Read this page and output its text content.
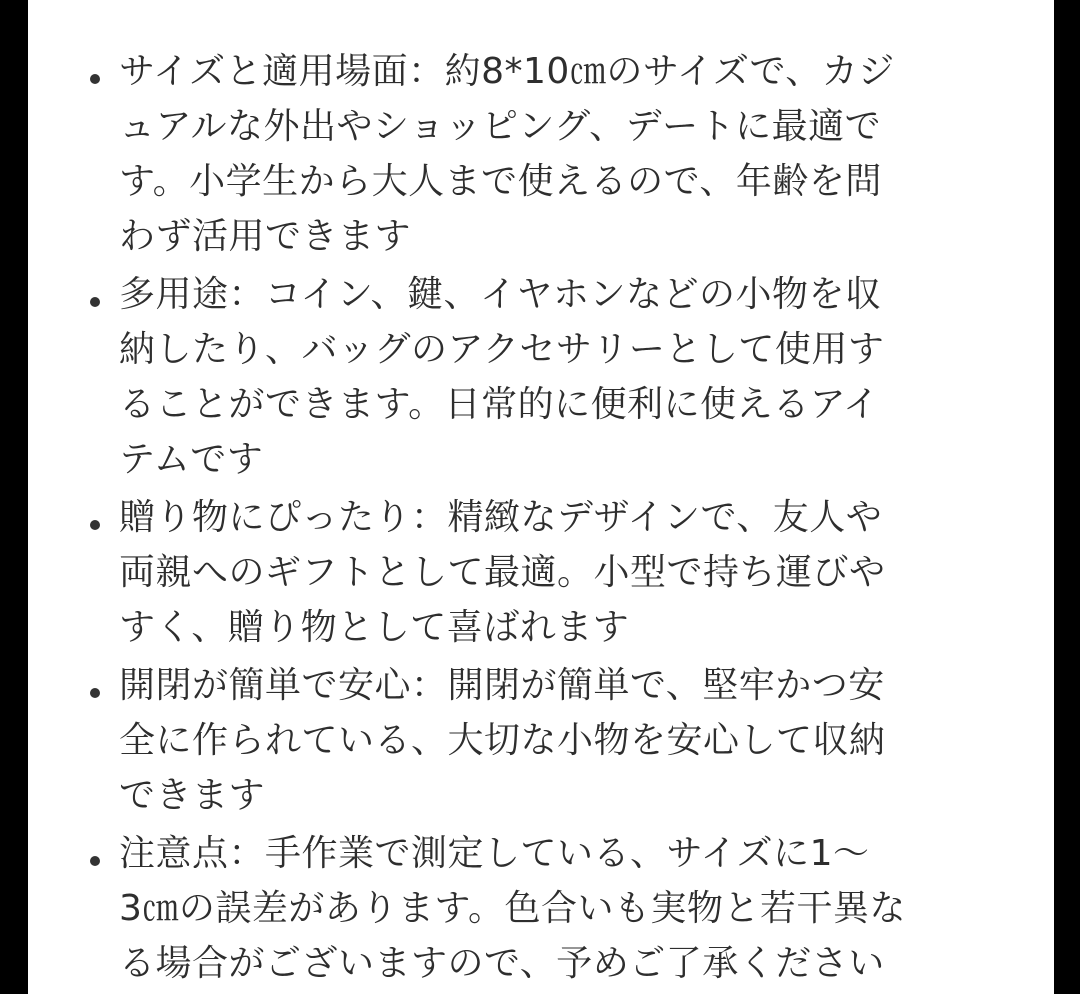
サイズと適用場面：約8*10㎝のサイズで、カジ
ュアルな外出やショッピング、デートに最適で
す。小学生から大人まで使えるので、年齢を問
わず活用できます
多用途：コイン、鍵、イヤホンなどの小物を収
納したり、バッグのアクセサリーとして使用す
ることができます。日常的に便利に使えるアイ
テムです
贈り物にぴったり：精緻なデザインで、友人や
両親へのギフトとして最適。小型で持ち運びや
すく、贈り物として喜ばれます
開閉が簡単で安心：開閉が簡単で、堅牢かつ安
全に作られている、大切な小物を安心して収納
できます
注意点：手作業で測定している、サイズに1～
3㎝の誤差があります。色合いも実物と若干異な
る場合がございますので、予めご了承ください
